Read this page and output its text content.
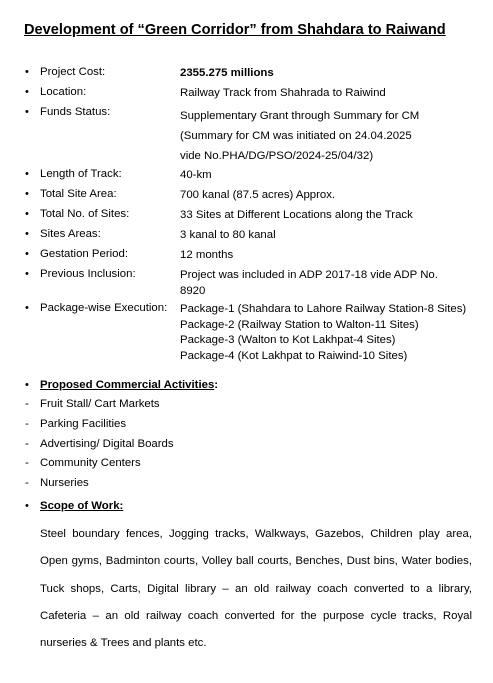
Development of “Green Corridor” from Shahdara to Raiwand
• Project Cost:	2355.275 millions
• Location:	Railway Track from Shahrada to Raiwind
• Funds Status:	Supplementary Grant through Summary for CM
(Summary for CM was initiated on 24.04.2025
vide No.PHA/DG/PSO/2024-25/04/32)
• Length of Track:	40-km
• Total Site Area:	700 kanal (87.5 acres) Approx.
• Total No. of Sites:	33 Sites at Different Locations along the Track
• Sites Areas:	3 kanal to 80 kanal
• Gestation Period:	12 months
• Previous Inclusion:	Project was included in ADP 2017-18 vide ADP No.
8920
• Package-wise Execution: Package-1 (Shahdara to Lahore Railway Station-8 Sites)
Package-2 (Railway Station to Walton-11 Sites)
Package-3 (Walton to Kot Lakhpat-4 Sites)
Package-4 (Kot Lakhpat to Raiwind-10 Sites)
• Proposed Commercial Activities:
- Fruit Stall/ Cart Markets
- Parking Facilities
- Advertising/ Digital Boards
- Community Centers
- Nurseries
• Scope of Work:
Steel boundary fences, Jogging tracks, Walkways, Gazebos, Children play area, Open gyms, Badminton courts, Volley ball courts, Benches, Dust bins, Water bodies, Tuck shops, Carts, Digital library – an old railway coach converted to a library, Cafeteria – an old railway coach converted for the purpose cycle tracks, Royal nurseries & Trees and plants etc.
